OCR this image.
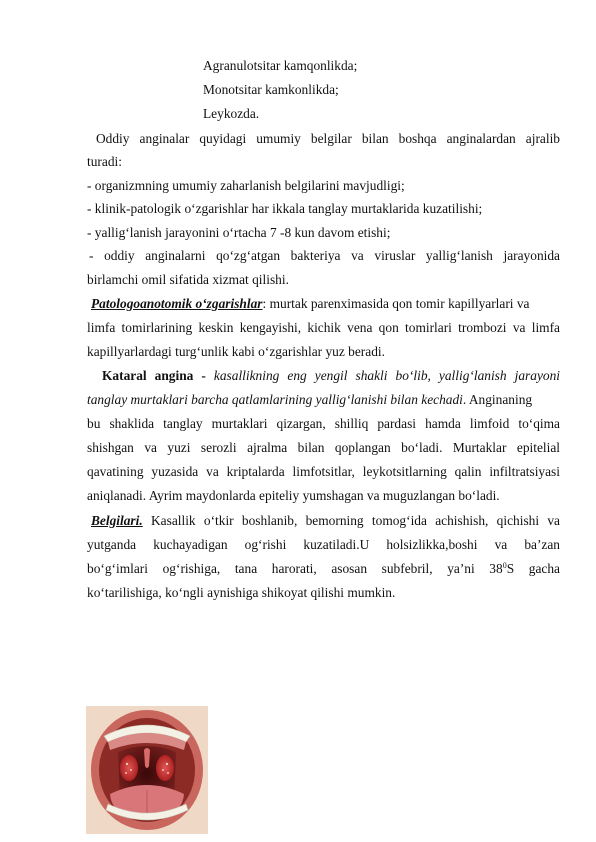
Agranulotsitar kamqonlikda;
Monotsitar kamkonlikda;
Leykozda.
Oddiy anginalar quyidagi umumiy belgilar bilan boshqa anginalardan ajralib
turadi:
- organizmning umumiy zaharlanish belgilarini mavjudligi;
- klinik-patologik o‘zgarishlar har ikkala tanglay murtaklarida kuzatilishi;
- yallig‘lanish jarayonini o‘rtacha 7 -8 kun davom etishi;
- oddiy anginalarni qo‘zg‘atgan bakteriya va viruslar yallig‘lanish jarayonida
birlamchi omil sifatida xizmat qilishi.
Patologoanotomik o‘zgarishlar: murtak parenximasida qon tomir kapillyarlari va
limfa tomirlarining keskin kengayishi, kichik vena qon tomirlari trombozi va limfa
kapillyarlardagi turg‘unlik kabi o‘zgarishlar yuz beradi.
Kataral angina - kasallikning eng yengil shakli bo‘lib, yallig‘lanish jarayoni
tanglay murtaklari barcha qatlamlarining yallig‘lanishi bilan kechadi. Anginaning
bu shaklida tanglay murtaklari qizargan, shilliq pardasi hamda limfoid to‘qima
shishgan va yuzi serozli ajralma bilan qoplangan bo‘ladi. Murtaklar epitelial
qavatining yuzasida va kriptalarda limfotsitlar, leykotsitlarning qalin infiltratsiyasi
aniqlanadi. Ayrim maydonlarda epiteliy yumshagan va muguzlangan bo‘ladi.
Belgilari. Kasallik o‘tkir boshlanib, bemorning tomog‘ida achishish, qichishi va
yutganda kuchayadigan og‘rishi kuzatiladi.U holsizlikka,boshi va ba’zan
bo‘g‘imlari og‘rishiga, tana harorati, asosan subfebril, ya’ni $38^0S$ gacha
ko‘tarilishiga, ko‘ngli aynishiga shikoyat qilishi mumkin.
